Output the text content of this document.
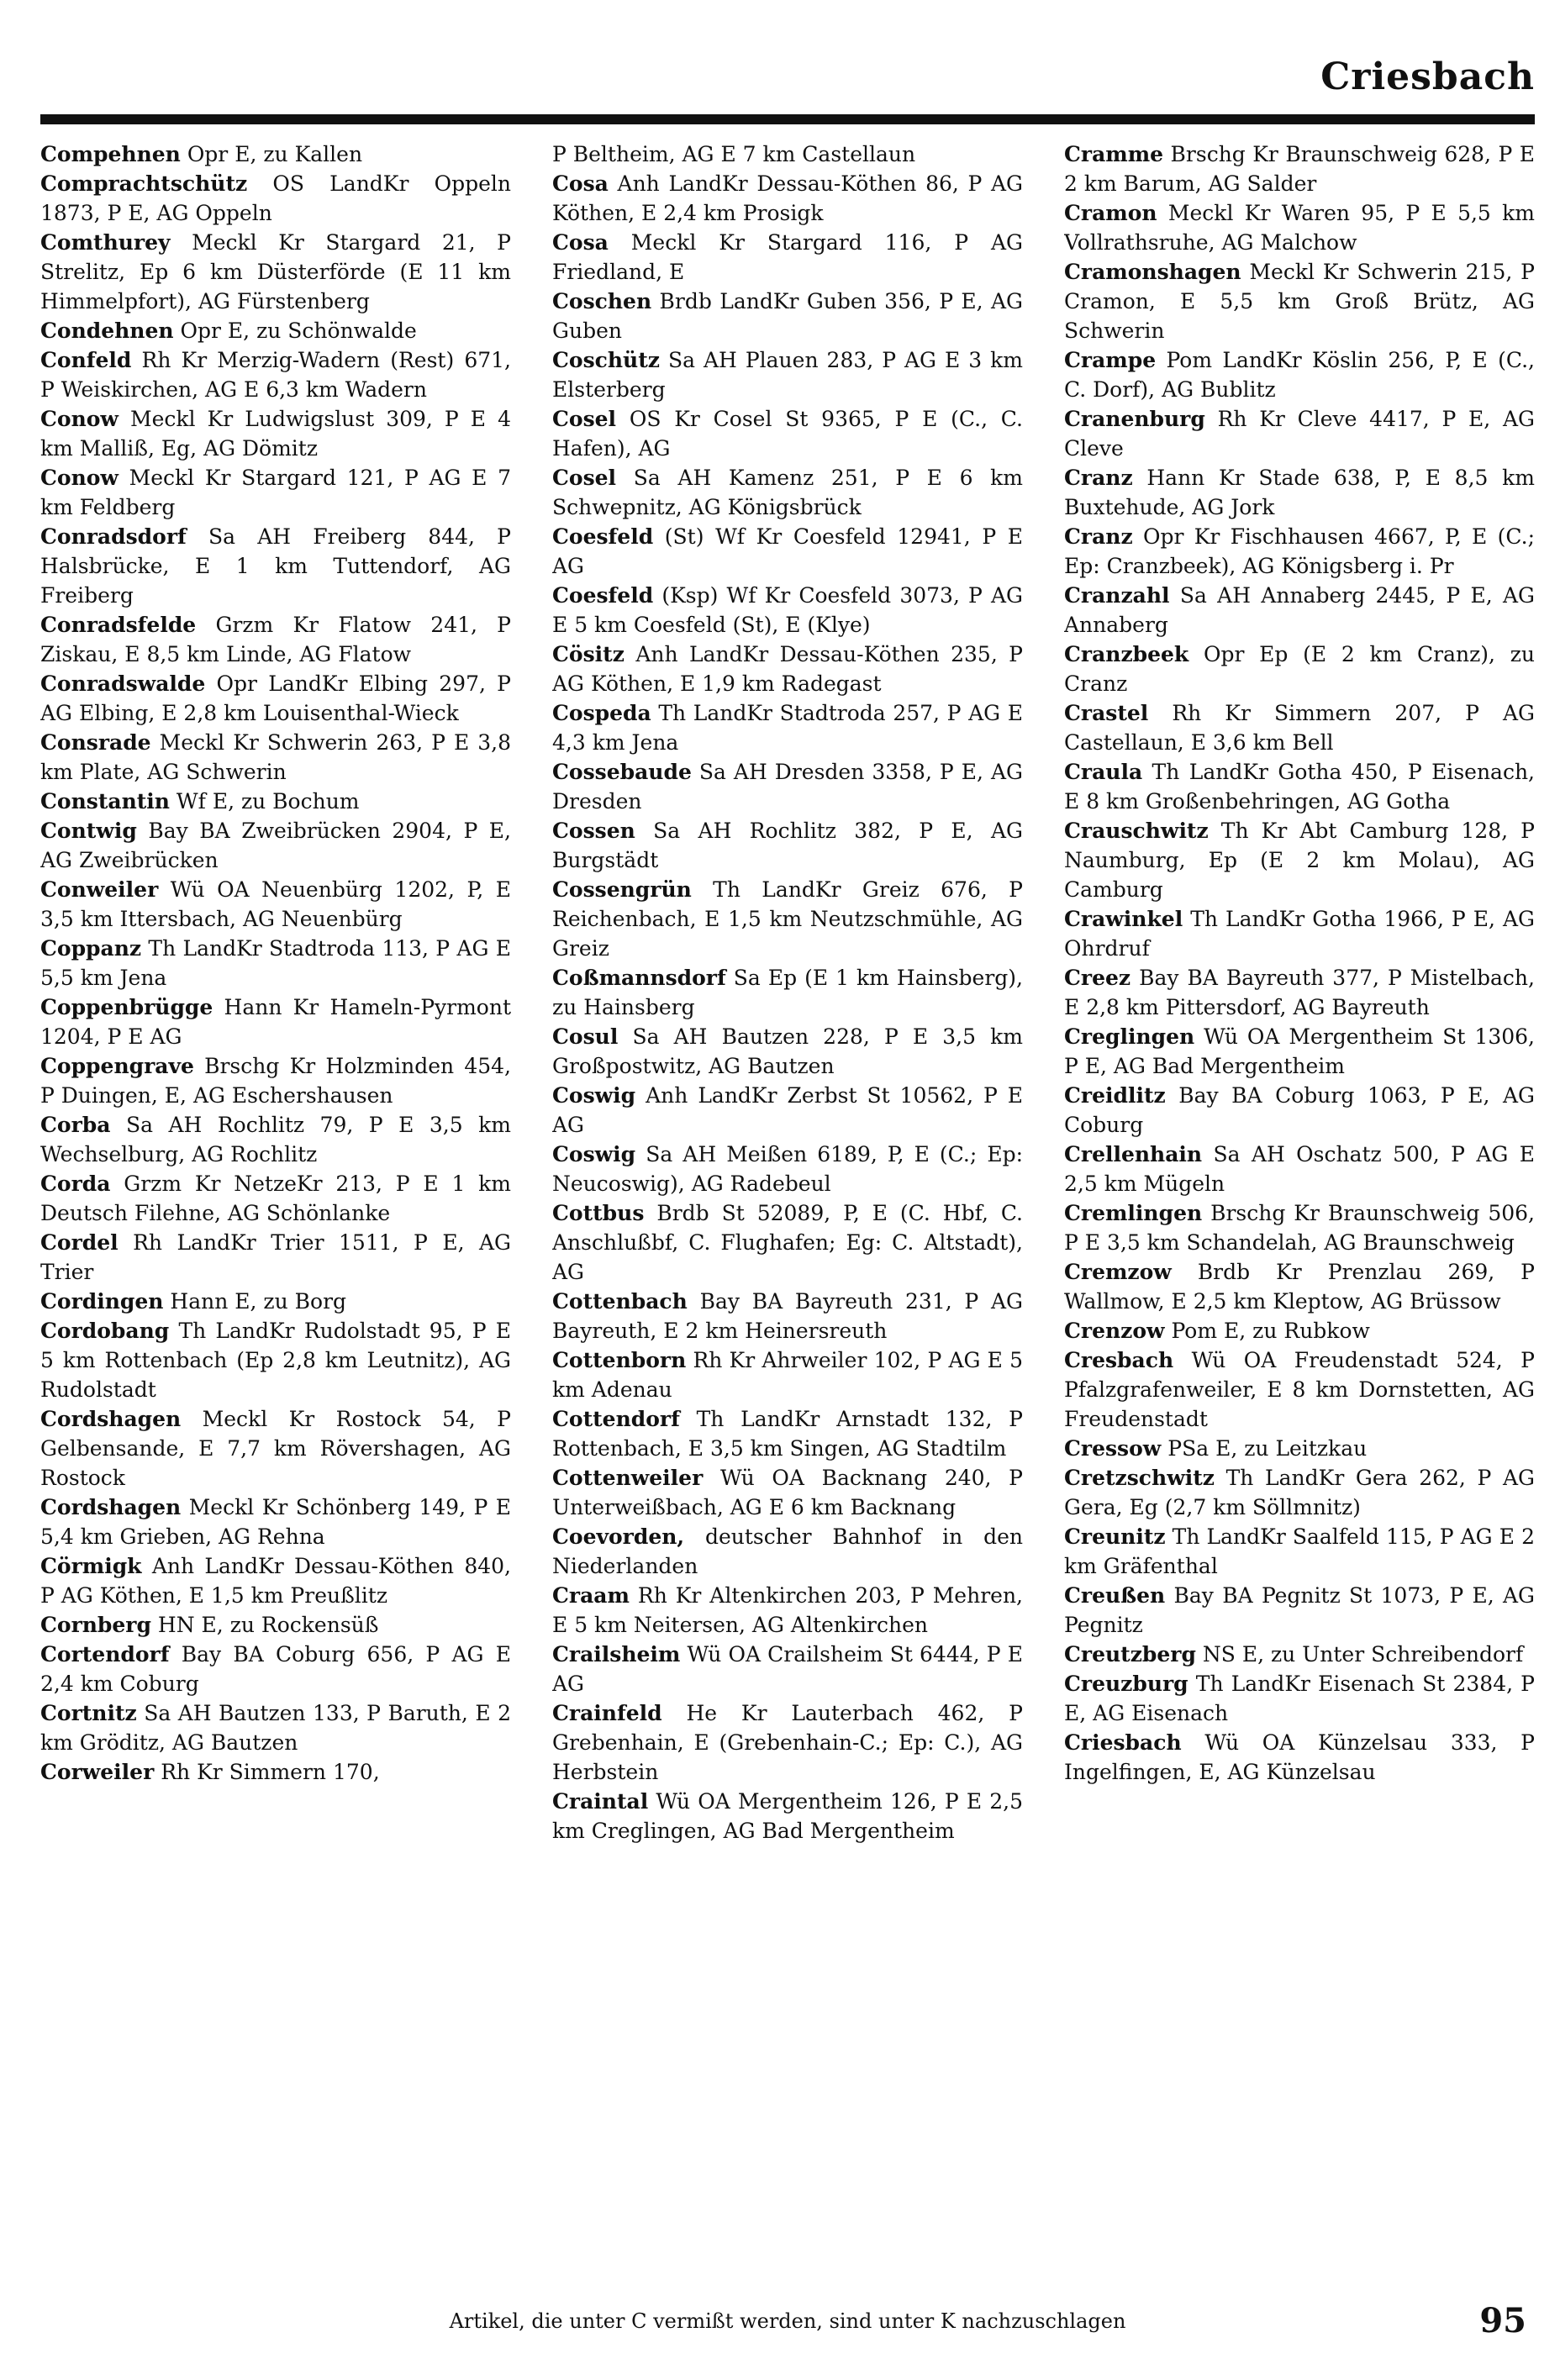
Criesbach

Compehnen Opr E, zu Kallen

Comprachtschütz OS LandKr Oppeln 1873, P E, AG Oppeln

Comthurey Meckl Kr Stargard 21, P Strelitz, Ep 6 km Düsterförde (E 11 km Himmelpfort), AG Fürstenberg

Condehnen Opr E, zu Schönwalde

Confeld Rh Kr Merzig-Wadern (Rest) 671, P Weiskirchen, AG E 6,3 km Wadern

Conow Meckl Kr Ludwigslust 309, P E 4 km Malliß, Eg, AG Dömitz

Conow Meckl Kr Stargard 121, P AG E 7 km Feldberg

Conradsdorf Sa AH Freiberg 844, P Halsbrücke, E 1 km Tuttendorf, AG Freiberg

Conradsfelde Grzm Kr Flatow 241, P Ziskau, E 8,5 km Linde, AG Flatow

Conradswalde Opr LandKr Elbing 297, P AG Elbing, E 2,8 km Louisenthal-Wieck

Consrade Meckl Kr Schwerin 263, P E 3,8 km Plate, AG Schwerin

Constantin Wf E, zu Bochum

Contwig Bay BA Zweibrücken 2904, P E, AG Zweibrücken

Conweiler Wü OA Neuenbürg 1202, P, E 3,5 km Ittersbach, AG Neuenbürg

Coppanz Th LandKr Stadtroda 113, P AG E 5,5 km Jena

Coppenbrügge Hann Kr Hameln-Pyrmont 1204, P E AG

Coppengrave Brschg Kr Holzminden 454, P Duingen, E, AG Eschershausen

Corba Sa AH Rochlitz 79, P E 3,5 km Wechselburg, AG Rochlitz

Corda Grzm Kr NetzeKr 213, P E 1 km Deutsch Filehne, AG Schönlanke

Cordel Rh LandKr Trier 1511, P E, AG Trier

Cordingen Hann E, zu Borg

Cordobang Th LandKr Rudolstadt 95, P E 5 km Rottenbach (Ep 2,8 km Leutnitz), AG Rudolstadt

Cordshagen Meckl Kr Rostock 54, P Gelbensande, E 7,7 km Rövershagen, AG Rostock

Cordshagen Meckl Kr Schönberg 149, P E 5,4 km Grieben, AG Rehna

Cörmigk Anh LandKr Dessau-Köthen 840, P AG Köthen, E 1,5 km Preußlitz

Cornberg HN E, zu Rockensüß

Cortendorf Bay BA Coburg 656, P AG E 2,4 km Coburg

Cortnitz Sa AH Bautzen 133, P Baruth, E 2 km Gröditz, AG Bautzen

Corweiler Rh Kr Simmern 170,

P Beltheim, AG E 7 km Castellaun

Cosa Anh LandKr Dessau-Köthen 86, P AG Köthen, E 2,4 km Prosigk

Cosa Meckl Kr Stargard 116, P AG Friedland, E

Coschen Brdb LandKr Guben 356, P E, AG Guben

Coschütz Sa AH Plauen 283, P AG E 3 km Elsterberg

Cosel OS Kr Cosel St 9365, P E (C., C. Hafen), AG

Cosel Sa AH Kamenz 251, P E 6 km Schwepnitz, AG Königsbrück

Coesfeld (St) Wf Kr Coesfeld 12941, P E AG

Coesfeld (Ksp) Wf Kr Coesfeld 3073, P AG E 5 km Coesfeld (St), E (Klye)

Cösitz Anh LandKr Dessau-Köthen 235, P AG Köthen, E 1,9 km Radegast

Cospeda Th LandKr Stadtroda 257, P AG E 4,3 km Jena

Cossebaude Sa AH Dresden 3358, P E, AG Dresden

Cossen Sa AH Rochlitz 382, P E, AG Burgstädt

Cossengrün Th LandKr Greiz 676, P Reichenbach, E 1,5 km Neutzschmühle, AG Greiz

Coßmannsdorf Sa Ep (E 1 km Hainsberg), zu Hainsberg

Cosul Sa AH Bautzen 228, P E 3,5 km Großpostwitz, AG Bautzen

Coswig Anh LandKr Zerbst St 10562, P E AG

Coswig Sa AH Meißen 6189, P, E (C.; Ep: Neucoswig), AG Radebeul

Cottbus Brdb St 52089, P, E (C. Hbf, C. Anschlußbf, C. Flughafen; Eg: C. Altstadt), AG

Cottenbach Bay BA Bayreuth 231, P AG Bayreuth, E 2 km Heinersreuth

Cottenborn Rh Kr Ahrweiler 102, P AG E 5 km Adenau

Cottendorf Th LandKr Arnstadt 132, P Rottenbach, E 3,5 km Singen, AG Stadtilm

Cottenweiler Wü OA Backnang 240, P Unterweißbach, AG E 6 km Backnang

Coevorden, deutscher Bahnhof in den Niederlanden

Craam Rh Kr Altenkirchen 203, P Mehren, E 5 km Neitersen, AG Altenkirchen

Crailsheim Wü OA Crailsheim St 6444, P E AG

Crainfeld He Kr Lauterbach 462, P Grebenhain, E (Grebenhain-C.; Ep: C.), AG Herbstein

Craintal Wü OA Mergentheim 126, P E 2,5 km Creglingen, AG Bad Mergentheim

Cramme Brschg Kr Braunschweig 628, P E 2 km Barum, AG Salder

Cramon Meckl Kr Waren 95, P E 5,5 km Vollrathsruhe, AG Malchow

Cramonshagen Meckl Kr Schwerin 215, P Cramon, E 5,5 km Groß Brütz, AG Schwerin

Crampe Pom LandKr Köslin 256, P, E (C., C. Dorf), AG Bublitz

Cranenburg Rh Kr Cleve 4417, P E, AG Cleve

Cranz Hann Kr Stade 638, P, E 8,5 km Buxtehude, AG Jork

Cranz Opr Kr Fischhausen 4667, P, E (C.; Ep: Cranzbeek), AG Königsberg i. Pr

Cranzahl Sa AH Annaberg 2445, P E, AG Annaberg

Cranzbeek Opr Ep (E 2 km Cranz), zu Cranz

Crastel Rh Kr Simmern 207, P AG Castellaun, E 3,6 km Bell

Craula Th LandKr Gotha 450, P Eisenach, E 8 km Großenbehringen, AG Gotha

Crauschwitz Th Kr Abt Camburg 128, P Naumburg, Ep (E 2 km Molau), AG Camburg

Crawinkel Th LandKr Gotha 1966, P E, AG Ohrdruf

Creez Bay BA Bayreuth 377, P Mistelbach, E 2,8 km Pittersdorf, AG Bayreuth

Creglingen Wü OA Mergentheim St 1306, P E, AG Bad Mergentheim

Creidlitz Bay BA Coburg 1063, P E, AG Coburg

Crellenhain Sa AH Oschatz 500, P AG E 2,5 km Mügeln

Cremlingen Brschg Kr Braunschweig 506, P E 3,5 km Schandelah, AG Braunschweig

Cremzow Brdb Kr Prenzlau 269, P Wallmow, E 2,5 km Kleptow, AG Brüssow

Crenzow Pom E, zu Rubkow

Cresbach Wü OA Freudenstadt 524, P Pfalzgrafenweiler, E 8 km Dornstetten, AG Freudenstadt

Cressow PSa E, zu Leitzkau

Cretzschwitz Th LandKr Gera 262, P AG Gera, Eg (2,7 km Söllmnitz)

Creunitz Th LandKr Saalfeld 115, P AG E 2 km Gräfenthal

Creußen Bay BA Pegnitz St 1073, P E, AG Pegnitz

Creutzberg NS E, zu Unter Schreibendorf

Creuzburg Th LandKr Eisenach St 2384, P E, AG Eisenach

Criesbach Wü OA Künzelsau 333, P Ingelfingen, E, AG Künzelsau

Artikel, die unter C vermißt werden, sind unter K nachzuschlagen	95
